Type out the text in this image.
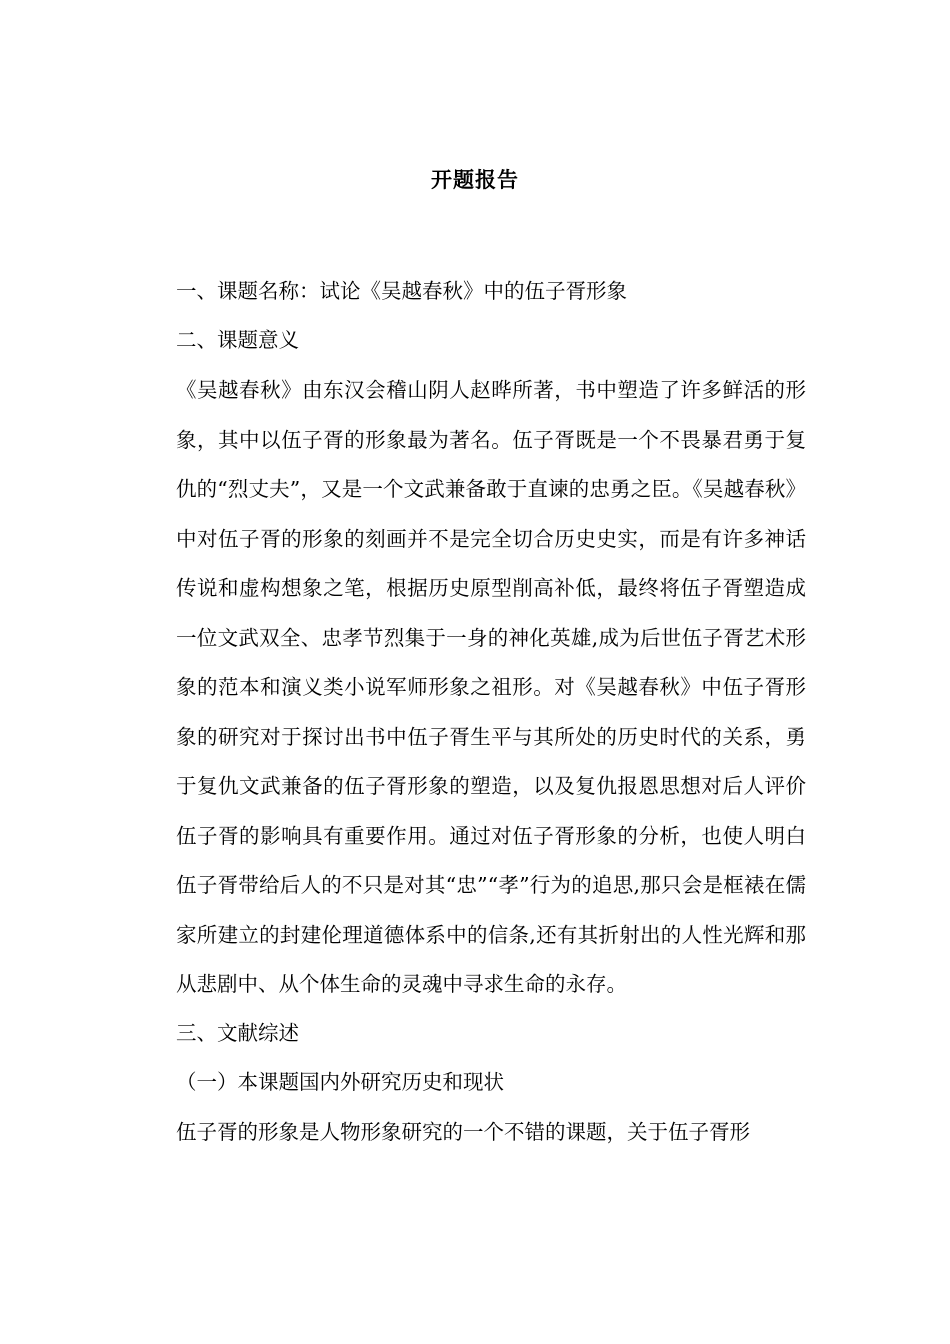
开题报告

一、课题名称：试论《吴越春秋》中的伍子胥形象

二、课题意义

《吴越春秋》由东汉会稽山阴人赵晔所著，书中塑造了许多鲜活的形象，其中以伍子胥的形象最为著名。伍子胥既是一个不畏暴君勇于复仇的“烈丈夫”，又是一个文武兼备敢于直谏的忠勇之臣。《吴越春秋》中对伍子胥的形象的刻画并不是完全切合历史史实，而是有许多神话传说和虚构想象之笔，根据历史原型削高补低，最终将伍子胥塑造成一位文武双全、忠孝节烈集于一身的神化英雄,成为后世伍子胥艺术形象的范本和演义类小说军师形象之祖形。对《吴越春秋》中伍子胥形象的研究对于探讨出书中伍子胥生平与其所处的历史时代的关系，勇于复仇文武兼备的伍子胥形象的塑造，以及复仇报恩思想对后人评价伍子胥的影响具有重要作用。通过对伍子胥形象的分析，也使人明白伍子胥带给后人的不只是对其“忠”“孝”行为的追思,那只会是框裱在儒家所建立的封建伦理道德体系中的信条,还有其折射出的人性光辉和那从悲剧中、从个体生命的灵魂中寻求生命的永存。

三、文献综述

（一）本课题国内外研究历史和现状

伍子胥的形象是人物形象研究的一个不错的课题，关于伍子胥形
